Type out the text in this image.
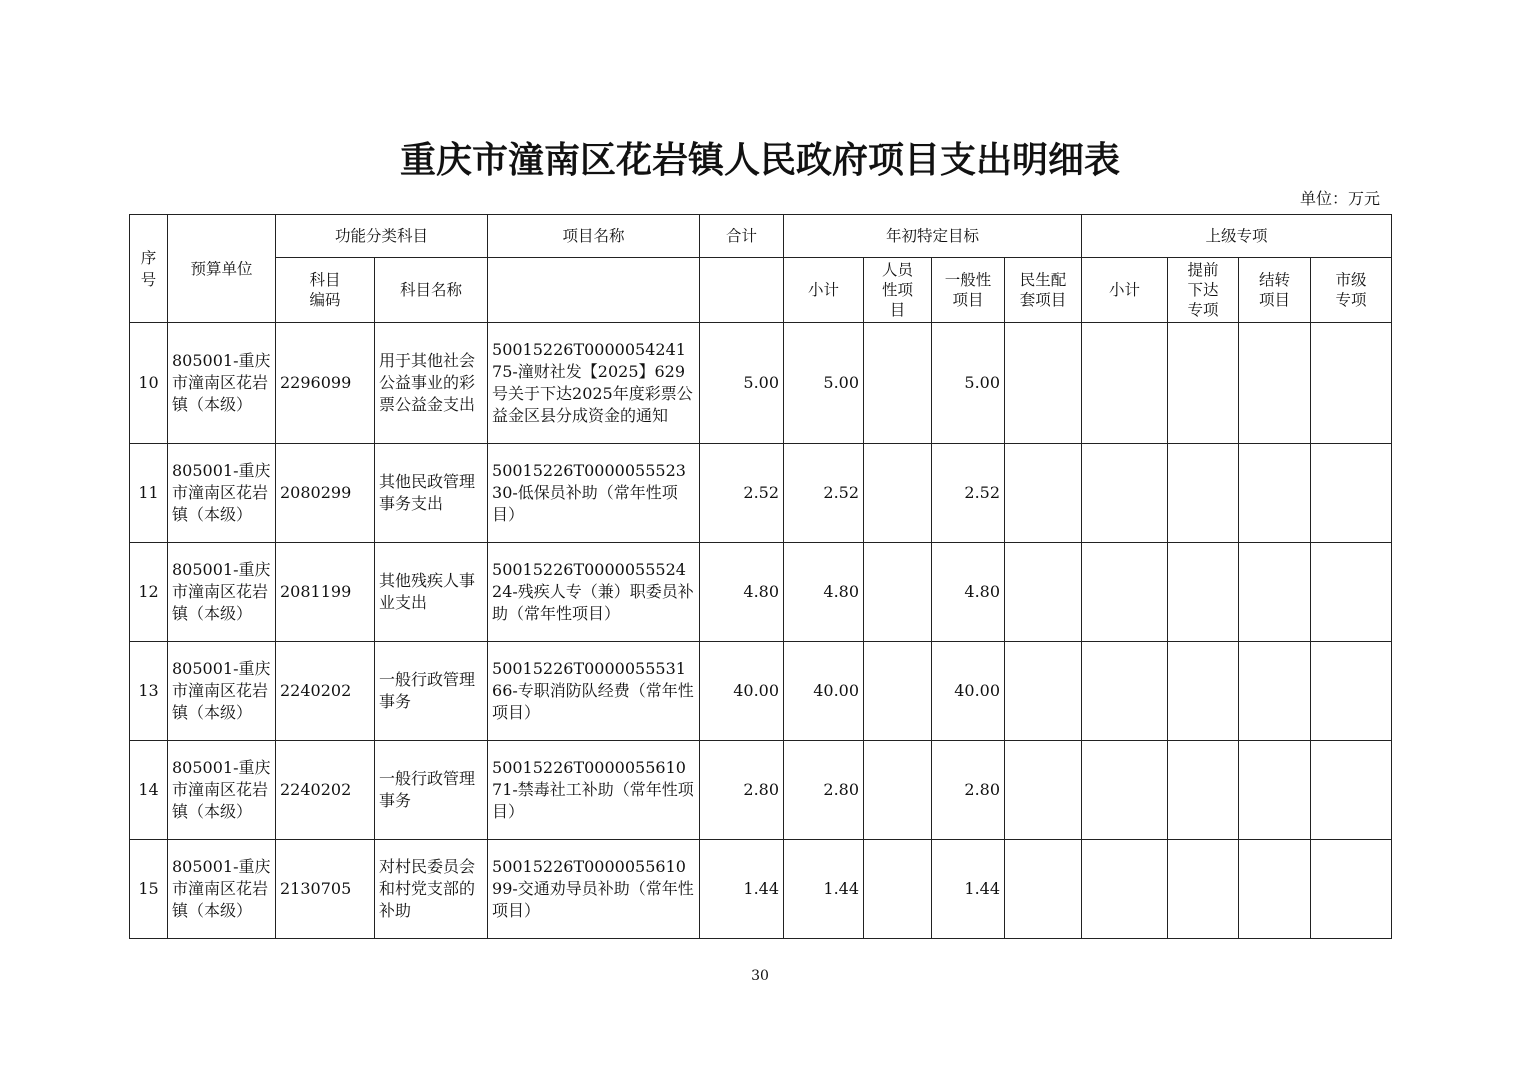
重庆市潼南区花岩镇人民政府项目支出明细表
单位：万元
序号	预算单位	功能分类科目		项目名称	合计	年初特定目标				上级专项			
		科目编码	科目名称			小计	人员性项目	一般性项目	民生配套项目	小计	提前下达专项	结转项目	市级专项
10	805001-重庆市潼南区花岩镇（本级）	2296099	用于其他社会公益事业的彩票公益金支出	50015226T000005424175-潼财社发【2025】629号关于下达2025年度彩票公益金区县分成资金的通知	5.00	5.00		5.00					
11	805001-重庆市潼南区花岩镇（本级）	2080299	其他民政管理事务支出	50015226T000005552330-低保员补助（常年性项目）	2.52	2.52		2.52					
12	805001-重庆市潼南区花岩镇（本级）	2081199	其他残疾人事业支出	50015226T000005552424-残疾人专（兼）职委员补助（常年性项目）	4.80	4.80		4.80					
13	805001-重庆市潼南区花岩镇（本级）	2240202	一般行政管理事务	50015226T000005553166-专职消防队经费（常年性项目）	40.00	40.00		40.00					
14	805001-重庆市潼南区花岩镇（本级）	2240202	一般行政管理事务	50015226T000005561071-禁毒社工补助（常年性项目）	2.80	2.80		2.80					
15	805001-重庆市潼南区花岩镇（本级）	2130705	对村民委员会和村党支部的补助	50015226T000005561099-交通劝导员补助（常年性项目）	1.44	1.44		1.44					
30
